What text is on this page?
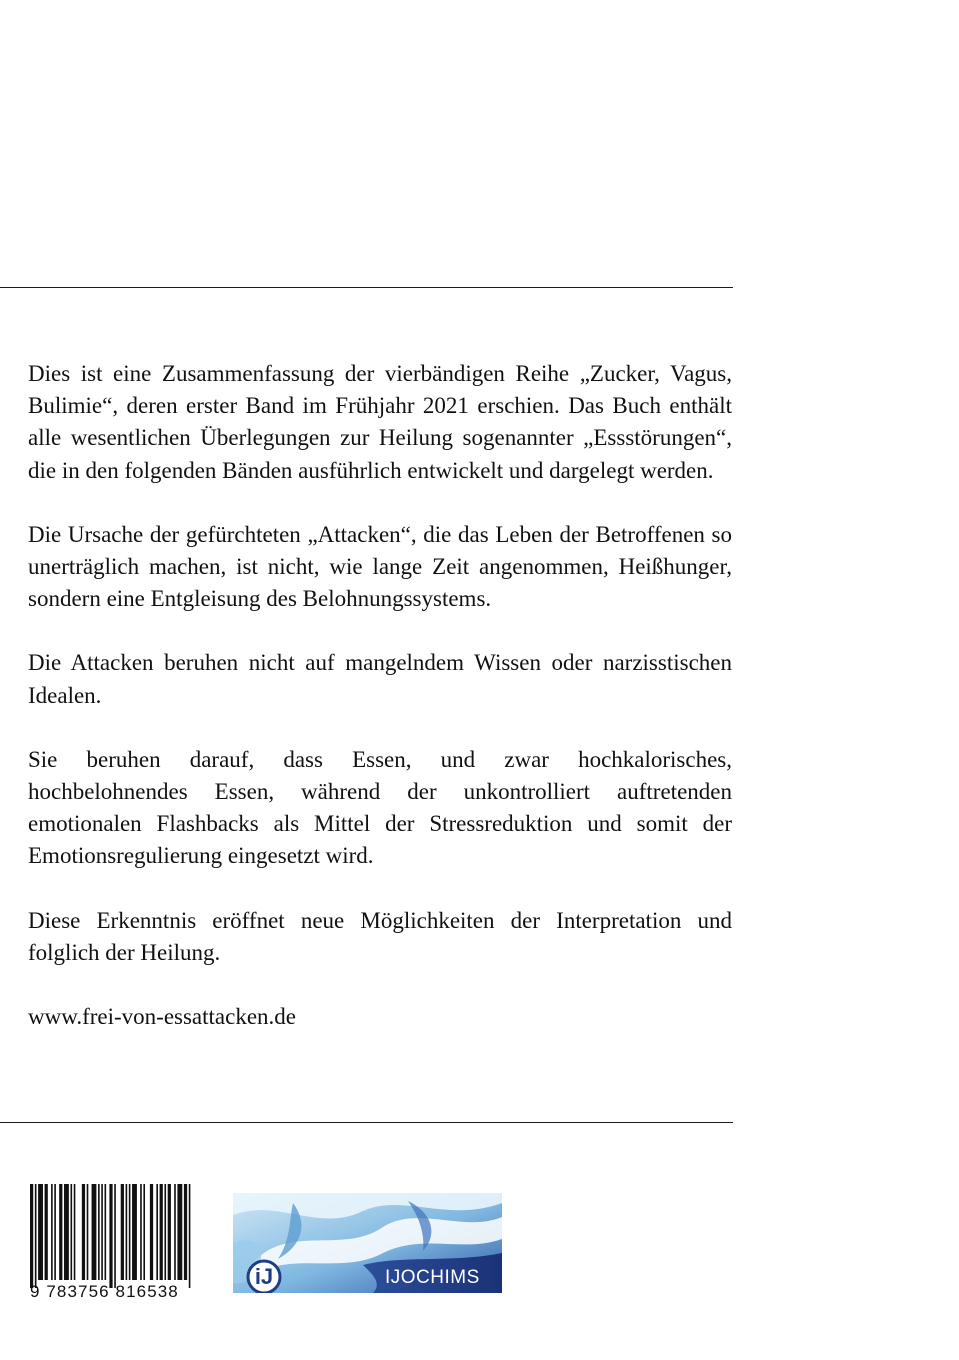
Dies ist eine Zusammenfassung der vierbändigen Reihe „Zucker, Vagus, Bulimie“, deren erster Band im Frühjahr 2021 erschien. Das Buch enthält alle wesentlichen Überlegungen zur Heilung sogenannter „Essstörungen“, die in den folgenden Bänden ausführlich entwickelt und dargelegt werden.

Die Ursache der gefürchteten „Attacken“, die das Leben der Betroffenen so unerträglich machen, ist nicht, wie lange Zeit angenommen, Heißhunger, sondern eine Entgleisung des Belohnungssystems.

Die Attacken beruhen nicht auf mangelndem Wissen oder narzisstischen Idealen.

Sie beruhen darauf, dass Essen, und zwar hochkalorisches, hochbelohnendes Essen, während der unkontrolliert auftretenden emotionalen Flashbacks als Mittel der Stressreduktion und somit der Emotionsregulierung eingesetzt wird.

Diese Erkenntnis eröffnet neue Möglichkeiten der Interpretation und folglich der Heilung.

www.frei-von-essattacken.de

9 783756 816538
iJ	IJOCHIMS
